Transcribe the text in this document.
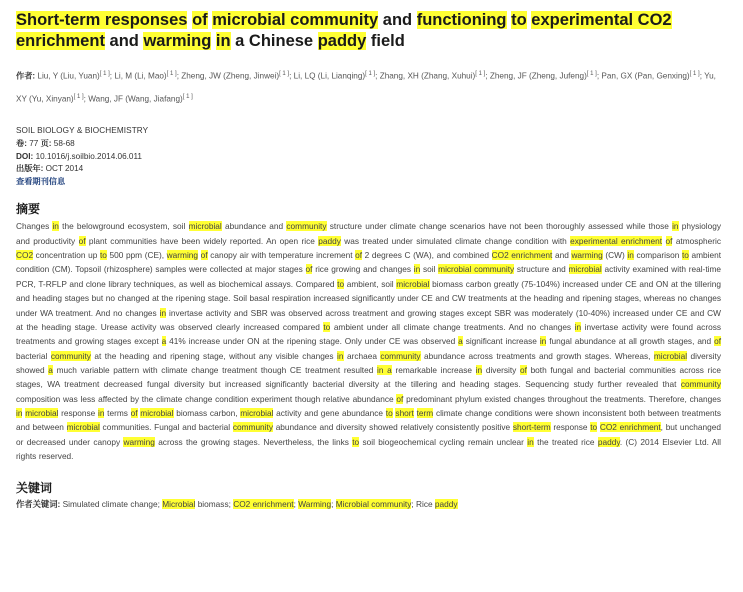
Short-term responses of microbial community and functioning to experimental CO2 enrichment and warming in a Chinese paddy field
作者: Liu, Y (Liu, Yuan)[ 1 ]; Li, M (Li, Mao)[ 1 ]; Zheng, JW (Zheng, Jinwei)[ 1 ]; Li, LQ (Li, Lianqing)[ 1 ]; Zhang, XH (Zhang, Xuhui)[ 1 ]; Zheng, JF (Zheng, Jufeng)[ 1 ]; Pan, GX (Pan, Genxing)[ 1 ]; Yu, XY (Yu, Xinyan)[ 1 ]; Wang, JF (Wang, Jiafang)[ 1 ]
SOIL BIOLOGY & BIOCHEMISTRY
卷: 77 页: 58-68
DOI: 10.1016/j.soilbio.2014.06.011
出版年: OCT 2014
查看期刊信息
摘要
Changes in the belowground ecosystem, soil microbial abundance and community structure under climate change scenarios have not been thoroughly assessed while those in physiology and productivity of plant communities have been widely reported. An open rice paddy was treated under simulated climate change condition with experimental enrichment of atmospheric CO2 concentration up to 500 ppm (CE), warming of canopy air with temperature increment of 2 degrees C (WA), and combined CO2 enrichment and warming (CW) in comparison to ambient condition (CM). Topsoil (rhizosphere) samples were collected at major stages of rice growing and changes in soil microbial community structure and microbial activity examined with real-time PCR, T-RFLP and clone library techniques, as well as biochemical assays. Compared to ambient, soil microbial biomass carbon greatly (75-104%) increased under CE and ON at the tillering and heading stages but no changed at the ripening stage. Soil basal respiration increased significantly under CE and CW treatments at the heading and ripening stages, whereas no changes under WA treatment. And no changes in invertase activity and SBR was observed across treatment and growing stages except SBR was moderately (10-40%) increased under CE and CW at the heading stage. Urease activity was observed clearly increased compared to ambient under all climate change treatments. And no changes in invertase activity were found across treatments and growing stages except a 41% increase under ON at the ripening stage. Only under CE was observed a significant increase in fungal abundance at all growth stages, and of bacterial community at the heading and ripening stage, without any visible changes in archaea community abundance across treatments and growth stages. Whereas, microbial diversity showed a much variable pattern with climate change treatment though CE treatment resulted in a remarkable increase in diversity of both fungal and bacterial communities across rice stages, WA treatment decreased fungal diversity but increased significantly bacterial diversity at the tillering and heading stages. Sequencing study further revealed that community composition was less affected by the climate change condition experiment though relative abundance of predominant phylum existed changes throughout the treatments. Therefore, changes in microbial response in terms of microbial biomass carbon, microbial activity and gene abundance to short term climate change conditions were shown inconsistent both between treatments and between microbial communities. Fungal and bacterial community abundance and diversity showed relatively consistently positive short-term response to CO2 enrichment, but unchanged or decreased under canopy warming across the growing stages. Nevertheless, the links to soil biogeochemical cycling remain unclear in the treated rice paddy. (C) 2014 Elsevier Ltd. All rights reserved.
关键词
作者关键词: Simulated climate change; Microbial biomass; CO2 enrichment; Warming; Microbial community; Rice paddy
